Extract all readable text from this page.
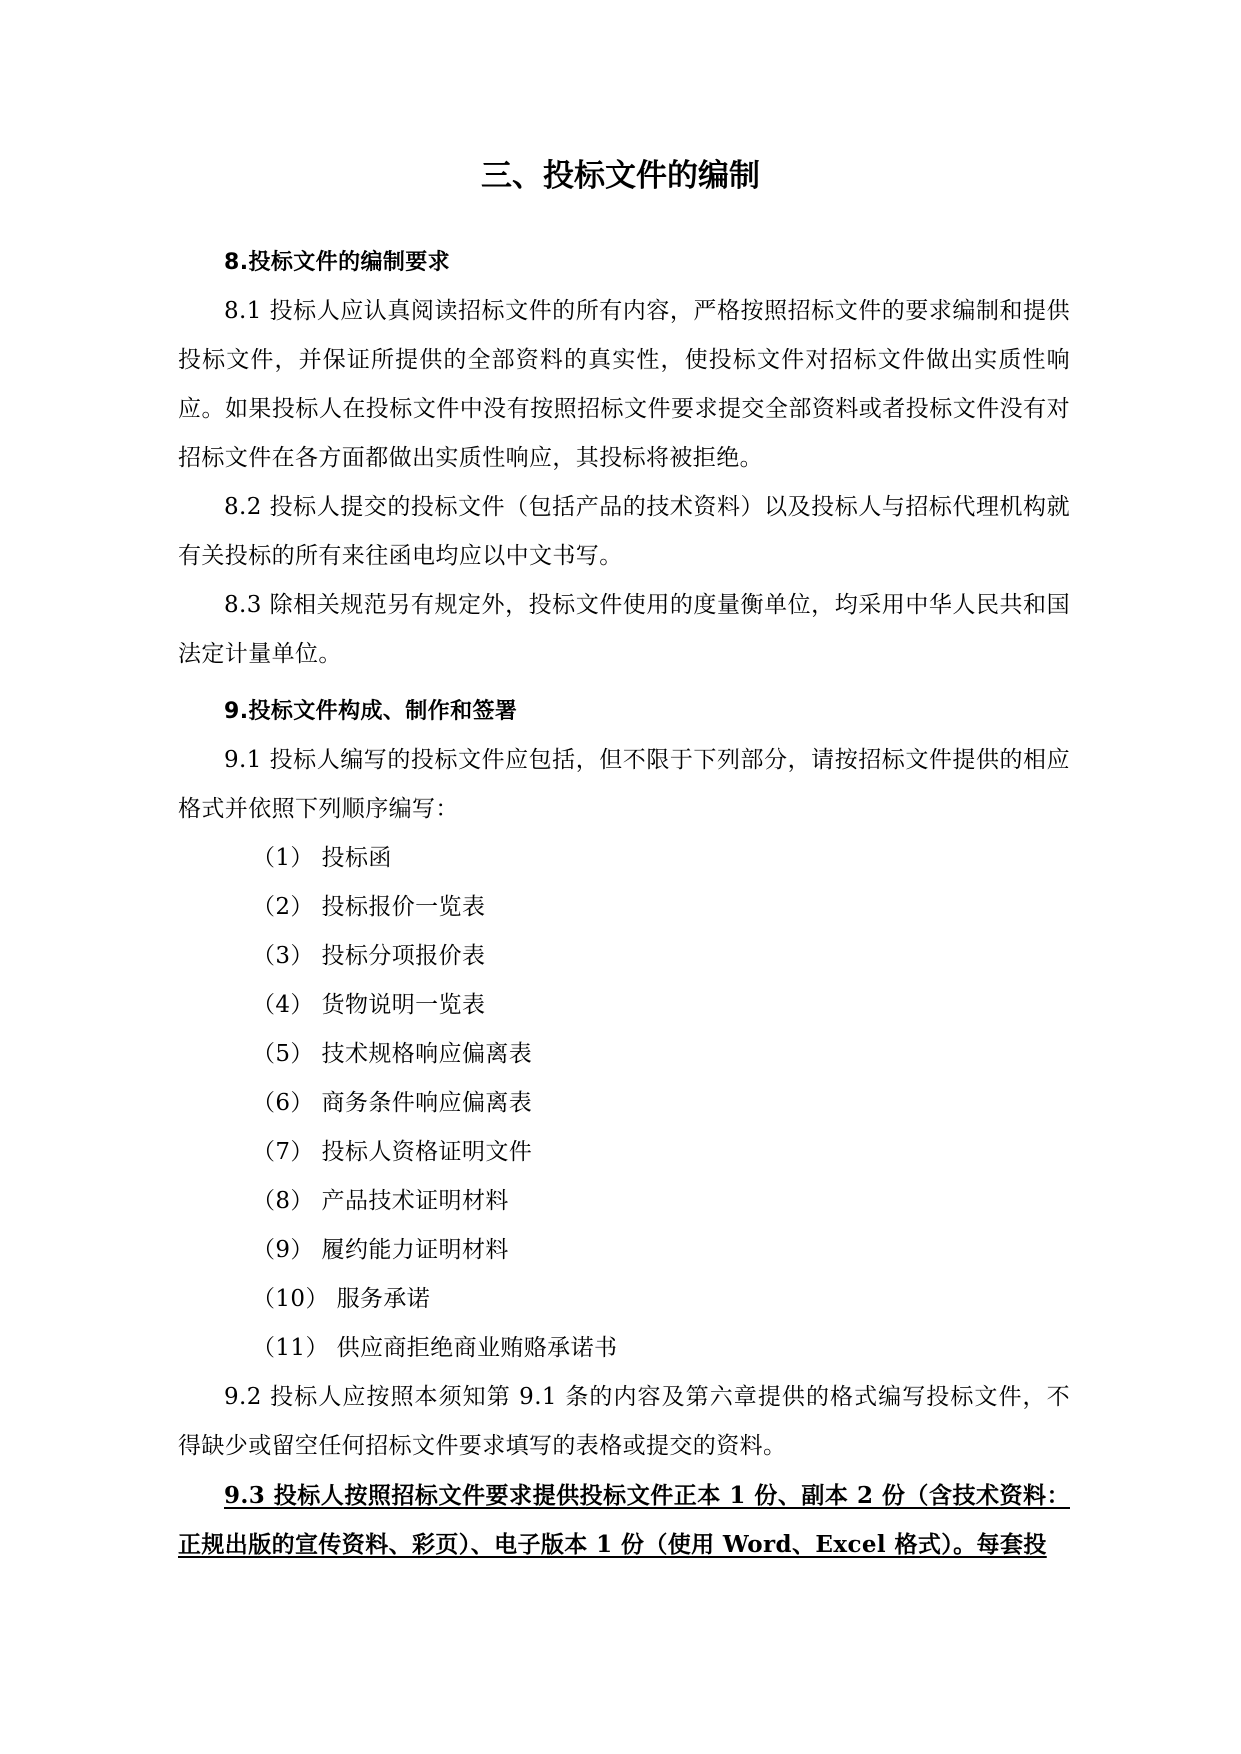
三、投标文件的编制

8.投标文件的编制要求

8.1 投标人应认真阅读招标文件的所有内容，严格按照招标文件的要求编制和提供投标文件，并保证所提供的全部资料的真实性，使投标文件对招标文件做出实质性响应。如果投标人在投标文件中没有按照招标文件要求提交全部资料或者投标文件没有对招标文件在各方面都做出实质性响应，其投标将被拒绝。

8.2 投标人提交的投标文件（包括产品的技术资料）以及投标人与招标代理机构就有关投标的所有来往函电均应以中文书写。

8.3 除相关规范另有规定外，投标文件使用的度量衡单位，均采用中华人民共和国法定计量单位。

9.投标文件构成、制作和签署

9.1 投标人编写的投标文件应包括，但不限于下列部分，请按招标文件提供的相应格式并依照下列顺序编写：

（1） 投标函

（2） 投标报价一览表

（3） 投标分项报价表

（4） 货物说明一览表

（5） 技术规格响应偏离表

（6） 商务条件响应偏离表

（7） 投标人资格证明文件

（8） 产品技术证明材料

（9） 履约能力证明材料

（10） 服务承诺

（11） 供应商拒绝商业贿赂承诺书

9.2 投标人应按照本须知第 9.1 条的内容及第六章提供的格式编写投标文件，不得缺少或留空任何招标文件要求填写的表格或提交的资料。

9.3 投标人按照招标文件要求提供投标文件正本 1 份、副本 2 份（含技术资料：正规出版的宣传资料、彩页）、电子版本 1 份（使用 Word、Excel 格式）。每套投
